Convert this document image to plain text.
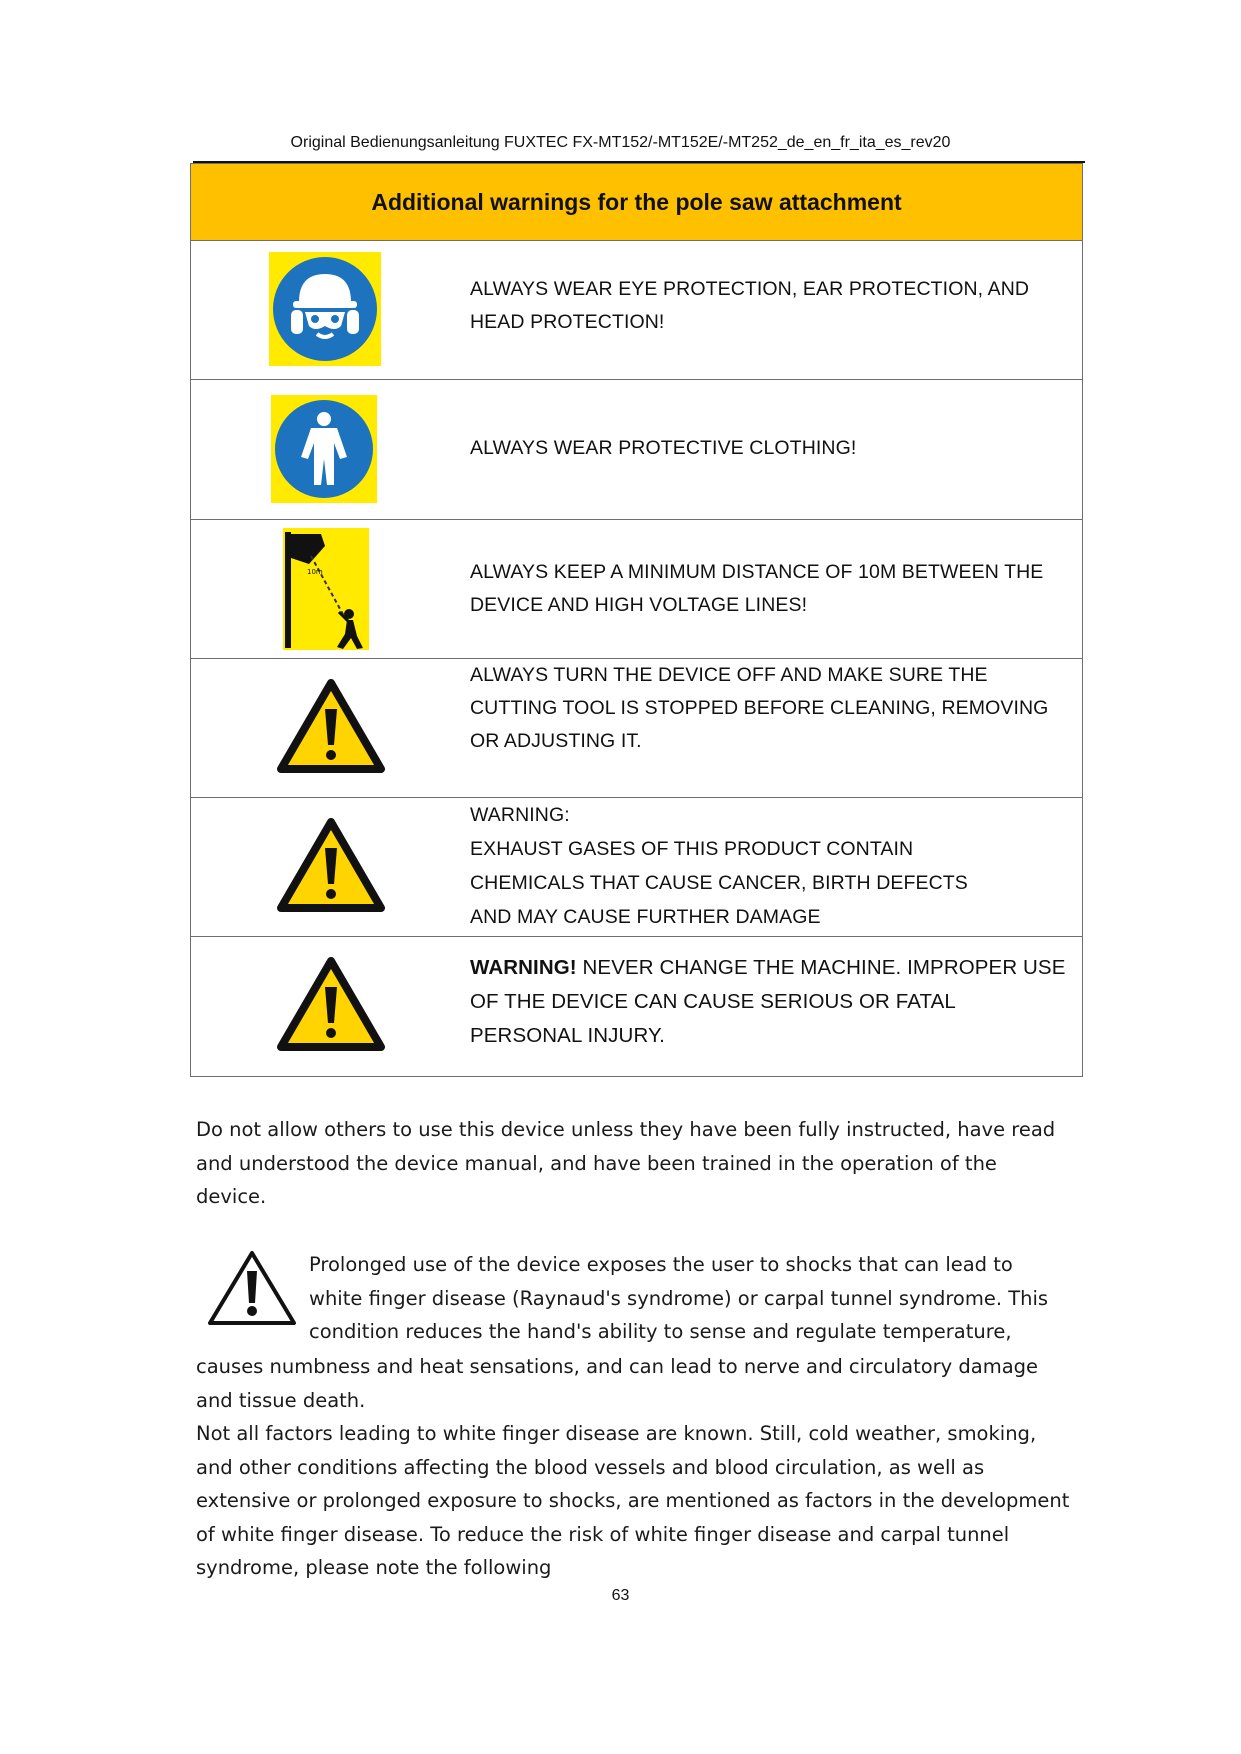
Original Bedienungsanleitung FUXTEC FX-MT152/-MT152E/-MT252_de_en_fr_ita_es_rev20
Additional warnings for the pole saw attachment
ALWAYS WEAR EYE PROTECTION, EAR PROTECTION, AND
HEAD PROTECTION!
ALWAYS WEAR PROTECTIVE CLOTHING!
10m	ALWAYS KEEP A MINIMUM DISTANCE OF 10M BETWEEN THE
DEVICE AND HIGH VOLTAGE LINES!
ALWAYS TURN THE DEVICE OFF AND MAKE SURE THE
CUTTING TOOL IS STOPPED BEFORE CLEANING, REMOVING
OR ADJUSTING IT.
WARNING:
EXHAUST GASES OF THIS PRODUCT CONTAIN
CHEMICALS THAT CAUSE CANCER, BIRTH DEFECTS
AND MAY CAUSE FURTHER DAMAGE
WARNING! NEVER CHANGE THE MACHINE. IMPROPER USE
OF THE DEVICE CAN CAUSE SERIOUS OR FATAL
PERSONAL INJURY.
Do not allow others to use this device unless they have been fully instructed, have read
and understood the device manual, and have been trained in the operation of the
device.
Prolonged use of the device exposes the user to shocks that can lead to
white finger disease (Raynaud's syndrome) or carpal tunnel syndrome. This
condition reduces the hand's ability to sense and regulate temperature,
causes numbness and heat sensations, and can lead to nerve and circulatory damage
and tissue death.
Not all factors leading to white finger disease are known. Still, cold weather, smoking,
and other conditions affecting the blood vessels and blood circulation, as well as
extensive or prolonged exposure to shocks, are mentioned as factors in the development
of white finger disease. To reduce the risk of white finger disease and carpal tunnel
syndrome, please note the following
63
